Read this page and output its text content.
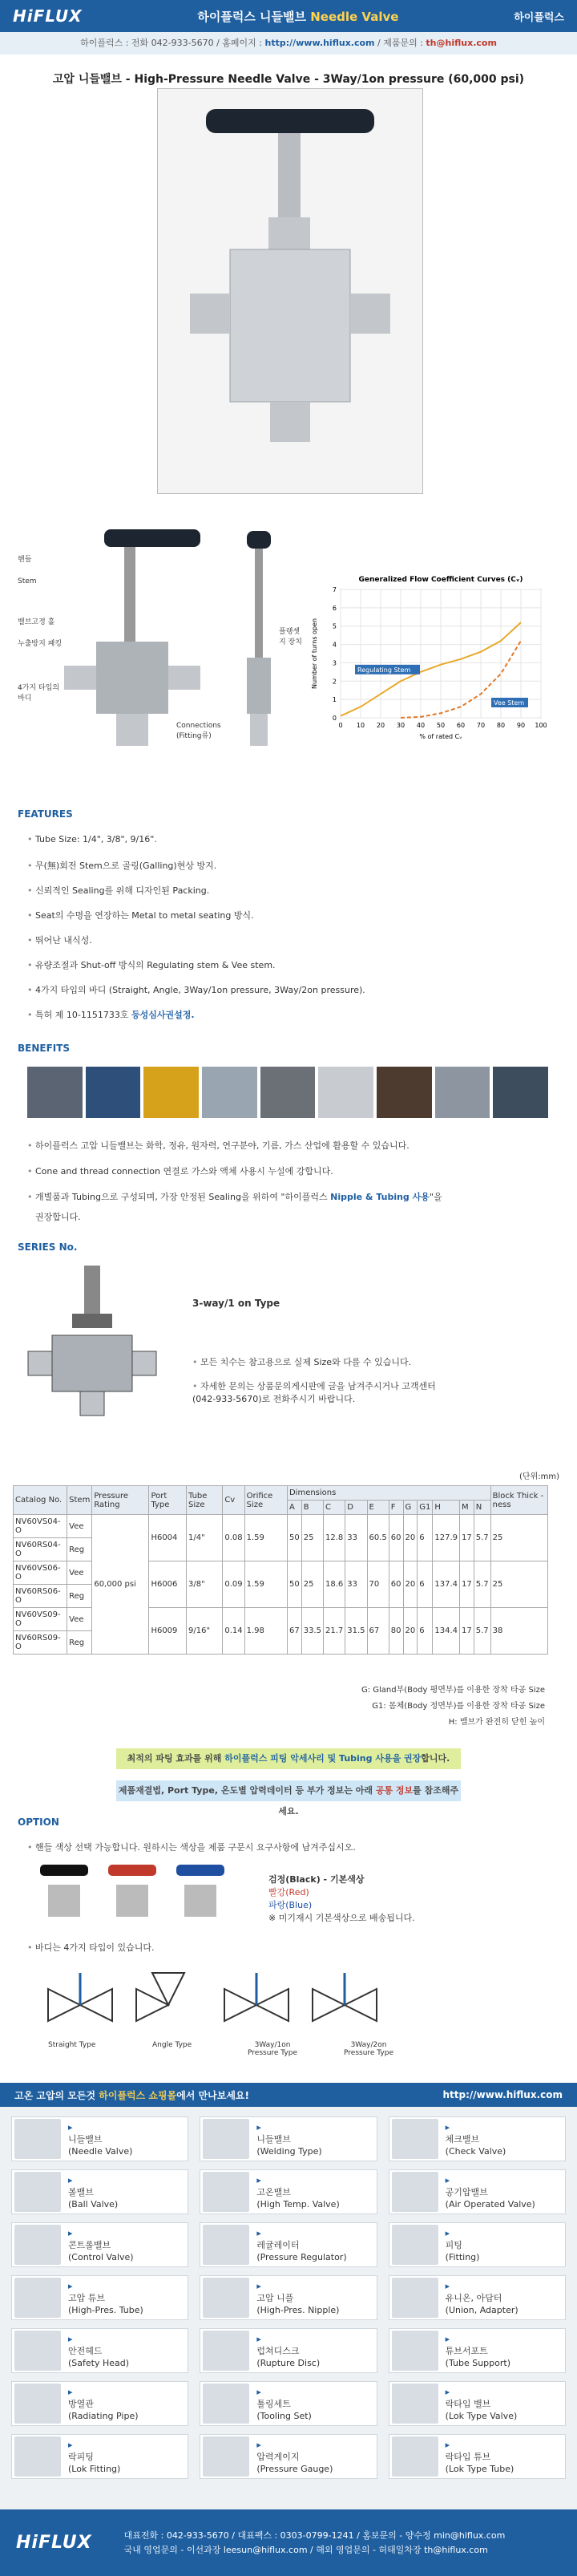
HiFLUX	하이플럭스 니들밸브 Needle Valve	하이플럭스
하이플럭스 : 전화 042-933-5670 / 홈페이지 : http://www.hiflux.com / 제품문의 : th@hiflux.com
고압 니들밸브 - High-Pressure Needle Valve - 3Way/1on pressure (60,000 psi)
핸들
Stem
밸브고정 홀
누출방지 패킹
4가지 타입의 바디
Connections (Fitting류)
플랭셋지 장치
0 10 20 30 40 50 60 70 80 90 100
0
1
2
3
4
5
6
7
Generalized Flow Coefficient Curves (Cᵥ)
% of rated Cᵥ
Number of turns open	Regulating Stem
Vee Stem
FEATURES
• Tube Size: 1/4", 3/8", 9/16".
• 무(無)회전 Stem으로 골링(Galling)현상 방지.
• 신뢰적인 Sealing를 위해 디자인된 Packing.
• Seat의 수명을 연장하는 Metal to metal seating 방식.
• 뛰어난 내식성.
• 유량조절과 Shut-off 방식의 Regulating stem & Vee stem.
• 4가지 타입의 바디 (Straight, Angle, 3Way/1on pressure, 3Way/2on pressure).
• 특허 제 10-1151733호 등성심사권설정.
BENEFITS
• 하이플럭스 고압 니들밸브는 화학, 정유, 원자력, 연구분야, 기름, 가스 산업에 활용할 수 있습니다.
• Cone and thread connection 연결로 가스와 액체 사용시 누설에 강합니다.
• 개별품과 Tubing으로 구성되며, 가장 안정된 Sealing을 위하여 "하이플럭스 Nipple & Tubing 사용"을
권장합니다.
SERIES No.
3-way/1 on Type
• 모든 치수는 참고용으로 실제 Size와 다를 수 있습니다.
• 자세한 문의는 상품문의게시판에 글을 남겨주시거나 고객센터(042-933-5670)로 전화주시기 바랍니다.
(단위:mm)
Catalog No.	Stem	Pressure Rating	Port Type	Tube Size	Cv	Orifice Size	Dimensions											Block Thick -ness
							A	B	C	D	E	F	G	G1	H	M	N	
NV60VS04-O	Vee	60,000 psi	H6004	1/4"	0.08	1.59	50	25	12.8	33	60.5	60	20	6	127.9	17	5.7	25
NV60RS04-O	Reg																	
NV60VS06-O	Vee		H6006	3/8"	0.09	1.59	50	25	18.6	33	70	60	20	6	137.4	17	5.7	25
NV60RS06-O	Reg																	
NV60VS09-O	Vee		H6009	9/16"	0.14	1.98	67	33.5	21.7	31.5	67	80	20	6	134.4	17	5.7	38
NV60RS09-O	Reg																	
G: Gland부(Body 평면부)를 이용한 장착 타공 Size
G1: 몸체(Body 정면부)를 이용한 장착 타공 Size
H: 밸브가 완전히 닫힌 높이
최적의 파팅 효과를 위해 하이플럭스 피팅 악세사리 및 Tubing 사용을 권장합니다.
제품재결법, Port Type, 온도별 압력데이터 등 부가 정보는 아래 공통 정보를 참조해주세요.
OPTION
• 핸들 색상 선택 가능합니다. 원하시는 색상을 제품 구문시 요구사항에 남겨주십시오.
검정(Black) - 기본색상
빨강(Red)
파랑(Blue)
※ 미기재시 기본색상으로 배송됩니다.
• 바디는 4가지 타입이 있습니다.
Straight Type	Angle Type	3Way/1on Pressure Type
3Way/2on Pressure Type
고온 고압의 모든것 하이플럭스 쇼핑몰에서 만나보세요!	http://www.hiflux.com
▸ 니들밸브
(Needle Valve)
▸ 니들밸브
(Welding Type)
▸ 체크밸브
(Check Valve)
▸ 볼밸브
(Ball Valve)
▸ 고온밸브
(High Temp. Valve)
▸ 공기압밸브
(Air Operated Valve)
▸ 콘트롤밸브
(Control Valve)
▸ 레귤레이터
(Pressure Regulator)
▸ 피팅
(Fitting)
▸ 고압 튜브
(High-Pres. Tube)
▸ 고압 니플
(High-Pres. Nipple)
▸ 유니온, 아답터
(Union, Adapter)
▸ 안전헤드
(Safety Head)
▸ 럽쳐디스크
(Rupture Disc)
▸ 튜브서포트
(Tube Support)
▸ 방열관
(Radiating Pipe)
▸ 툴링세트
(Tooling Set)
▸ 락타입 밸브
(Lok Type Valve)
▸ 락피팅
(Lok Fitting)
▸ 압력게이지
(Pressure Gauge)
▸ 락타입 튜브
(Lok Type Tube)
HiFLUX	대표전화 : 042-933-5670 / 대표팩스 : 0303-0799-1241 / 홈보문의 - 양수정 min@hiflux.com
국내 영업문의 - 이선과장 leesun@hiflux.com / 해외 영업문의 - 허태일차장 th@hiflux.com
